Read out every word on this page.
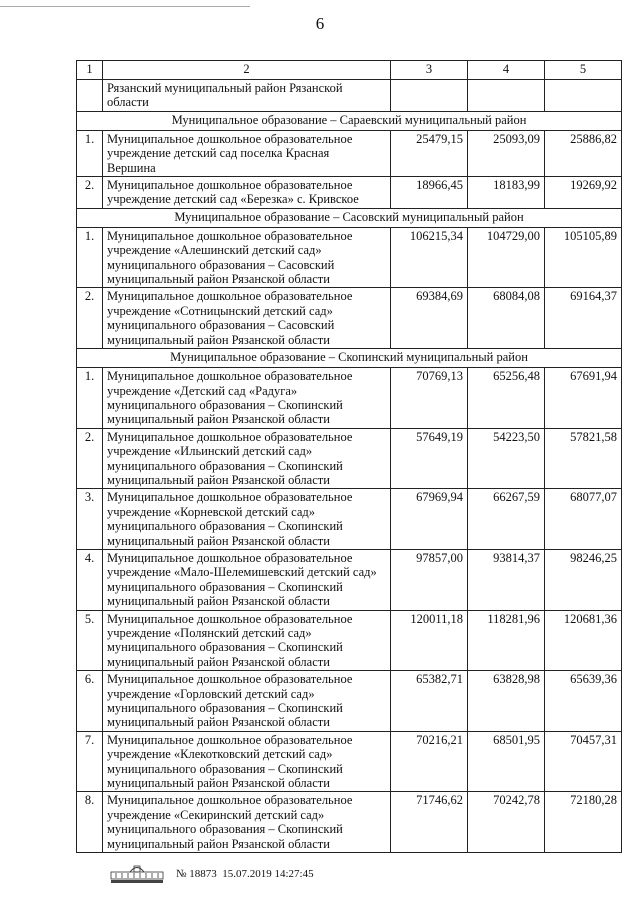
6
1	2	3	4	5

	Рязанский муниципальный район Рязанской
области			

Муниципальное образование – Сараевский муниципальный район				
1.	Муниципальное дошкольное образовательное
учреждение детский сад поселка Красная
Вершина	25479,15	25093,09	25886,82
2.	Муниципальное дошкольное образовательное
учреждение детский сад «Березка» с. Кривское	18966,45	18183,99	19269,92
Муниципальное образование – Сасовский муниципальный район				
1.	Муниципальное дошкольное образовательное
учреждение «Алешинский детский сад»
муниципального образования – Сасовский
муниципальный район Рязанской области	106215,34	104729,00	105105,89
2.	Муниципальное дошкольное образовательное
учреждение «Сотницынский детский сад»
муниципального образования – Сасовский
муниципальный район Рязанской области	69384,69	68084,08	69164,37
Муниципальное образование – Скопинский муниципальный район				
1.	Муниципальное дошкольное образовательное
учреждение «Детский сад «Радуга»
муниципального образования – Скопинский
муниципальный район Рязанской области	70769,13	65256,48	67691,94
2.	Муниципальное дошкольное образовательное
учреждение «Ильинский детский сад»
муниципального образования – Скопинский
муниципальный район Рязанской области	57649,19	54223,50	57821,58
3.	Муниципальное дошкольное образовательное
учреждение «Корневской детский сад»
муниципального образования – Скопинский
муниципальный район Рязанской области	67969,94	66267,59	68077,07
4.	Муниципальное дошкольное образовательное
учреждение «Мало-Шелемишевский детский сад»
муниципального образования – Скопинский
муниципальный район Рязанской области	97857,00	93814,37	98246,25
5.	Муниципальное дошкольное образовательное
учреждение «Полянский детский сад»
муниципального образования – Скопинский
муниципальный район Рязанской области	120011,18	118281,96	120681,36
6.	Муниципальное дошкольное образовательное
учреждение «Горловский детский сад»
муниципального образования – Скопинский
муниципальный район Рязанской области	65382,71	63828,98	65639,36
7.	Муниципальное дошкольное образовательное
учреждение «Клекотковский детский сад»
муниципального образования – Скопинский
муниципальный район Рязанской области	70216,21	68501,95	70457,31
8.	Муниципальное дошкольное образовательное
учреждение «Секиринский детский сад»
муниципального образования – Скопинский
муниципальный район Рязанской области	71746,62	70242,78	72180,28
№ 18873 15.07.2019 14:27:45
